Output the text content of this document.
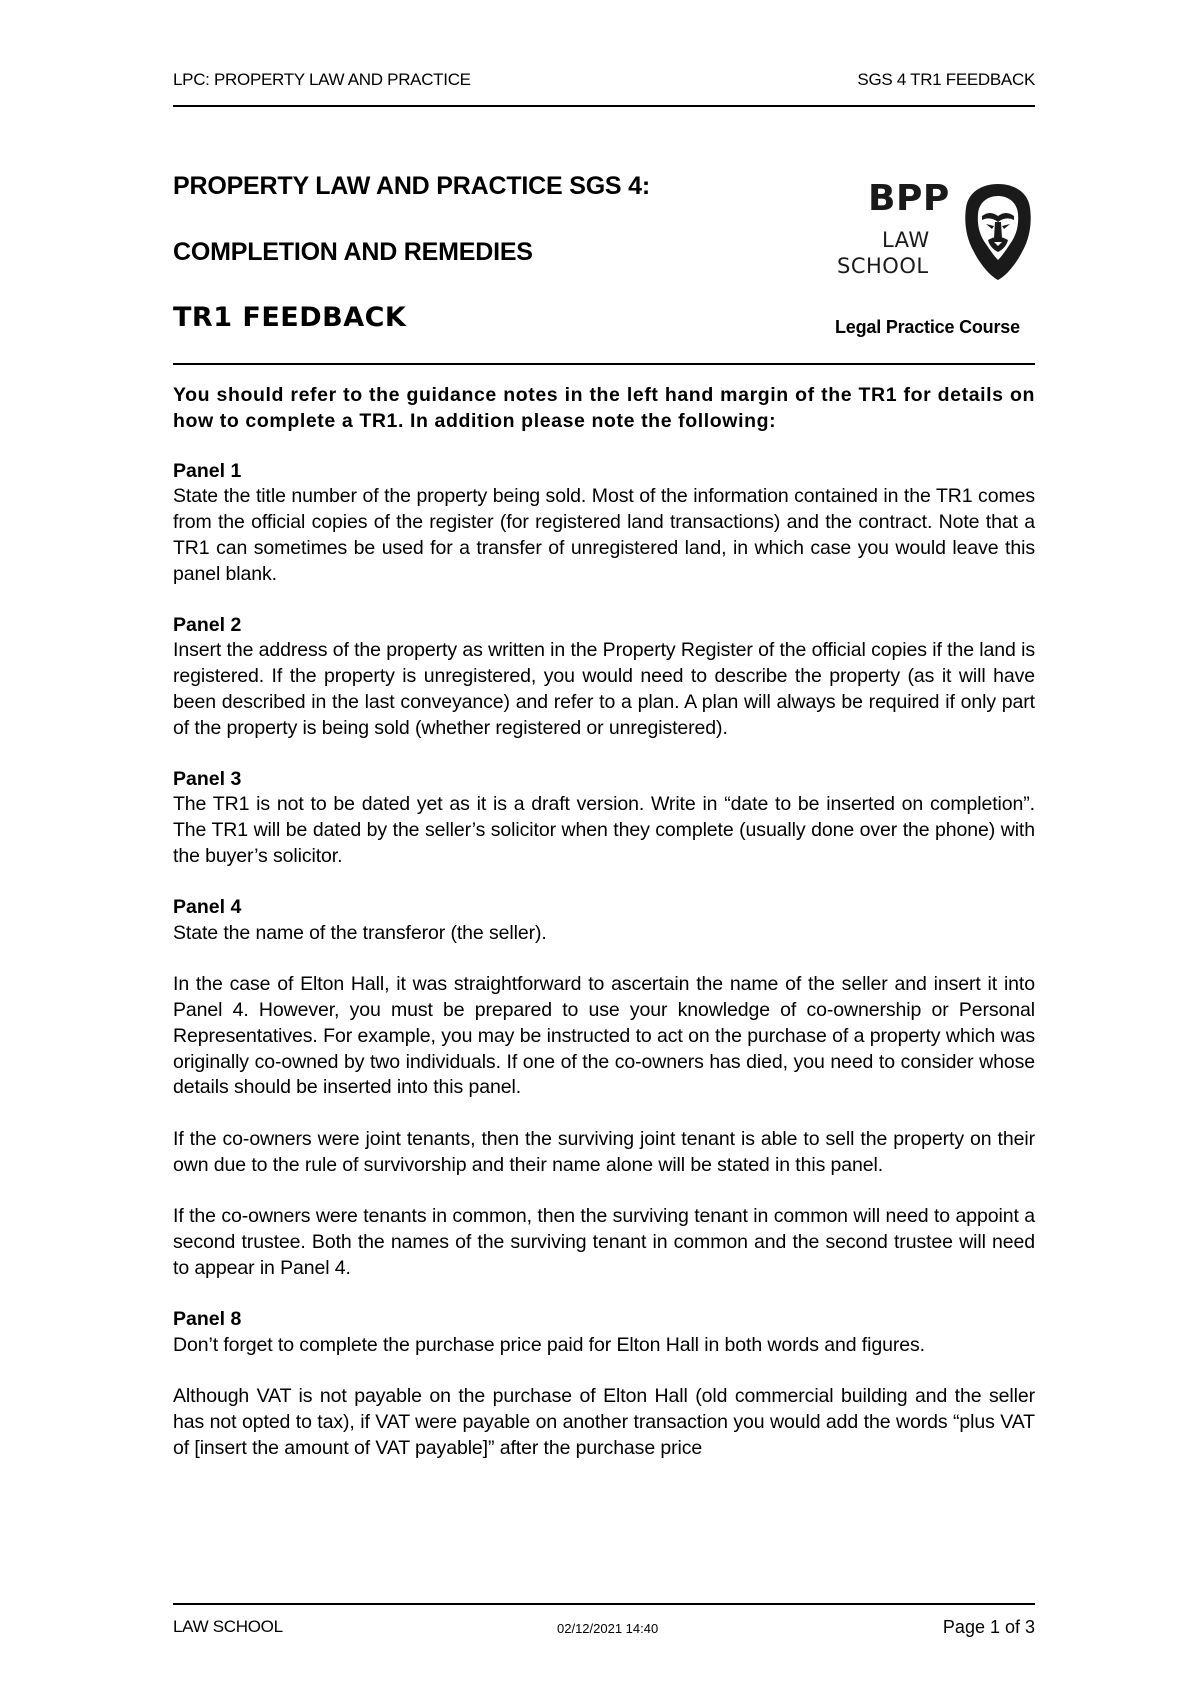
LPC: PROPERTY LAW AND PRACTICE	SGS 4 TR1 FEEDBACK
PROPERTY LAW AND PRACTICE SGS 4:
COMPLETION AND REMEDIES
TR1 FEEDBACK
BPP
LAW
SCHOOL
Legal Practice Course

You should refer to the guidance notes in the left hand margin of the TR1 for details on how to complete a TR1. In addition please note the following:

Panel 1

State the title number of the property being sold. Most of the information contained in the TR1 comes from the official copies of the register (for registered land transactions) and the contract. Note that a TR1 can sometimes be used for a transfer of unregistered land, in which case you would leave this panel blank.

Panel 2

Insert the address of the property as written in the Property Register of the official copies if the land is registered. If the property is unregistered, you would need to describe the property (as it will have been described in the last conveyance) and refer to a plan. A plan will always be required if only part of the property is being sold (whether registered or unregistered).

Panel 3

The TR1 is not to be dated yet as it is a draft version. Write in “date to be inserted on completion”. The TR1 will be dated by the seller’s solicitor when they complete (usually done over the phone) with the buyer’s solicitor.

Panel 4

State the name of the transferor (the seller).

In the case of Elton Hall, it was straightforward to ascertain the name of the seller and insert it into Panel 4. However, you must be prepared to use your knowledge of co-ownership or Personal Representatives. For example, you may be instructed to act on the purchase of a property which was originally co-owned by two individuals. If one of the co-owners has died, you need to consider whose details should be inserted into this panel.

If the co-owners were joint tenants, then the surviving joint tenant is able to sell the property on their own due to the rule of survivorship and their name alone will be stated in this panel.

If the co-owners were tenants in common, then the surviving tenant in common will need to appoint a second trustee. Both the names of the surviving tenant in common and the second trustee will need to appear in Panel 4.

Panel 8

Don’t forget to complete the purchase price paid for Elton Hall in both words and figures.

Although VAT is not payable on the purchase of Elton Hall (old commercial building and the seller has not opted to tax), if VAT were payable on another transaction you would add the words “plus VAT of [insert the amount of VAT payable]” after the purchase price

LAW SCHOOL	02/12/2021 14:40	Page 1 of 3
